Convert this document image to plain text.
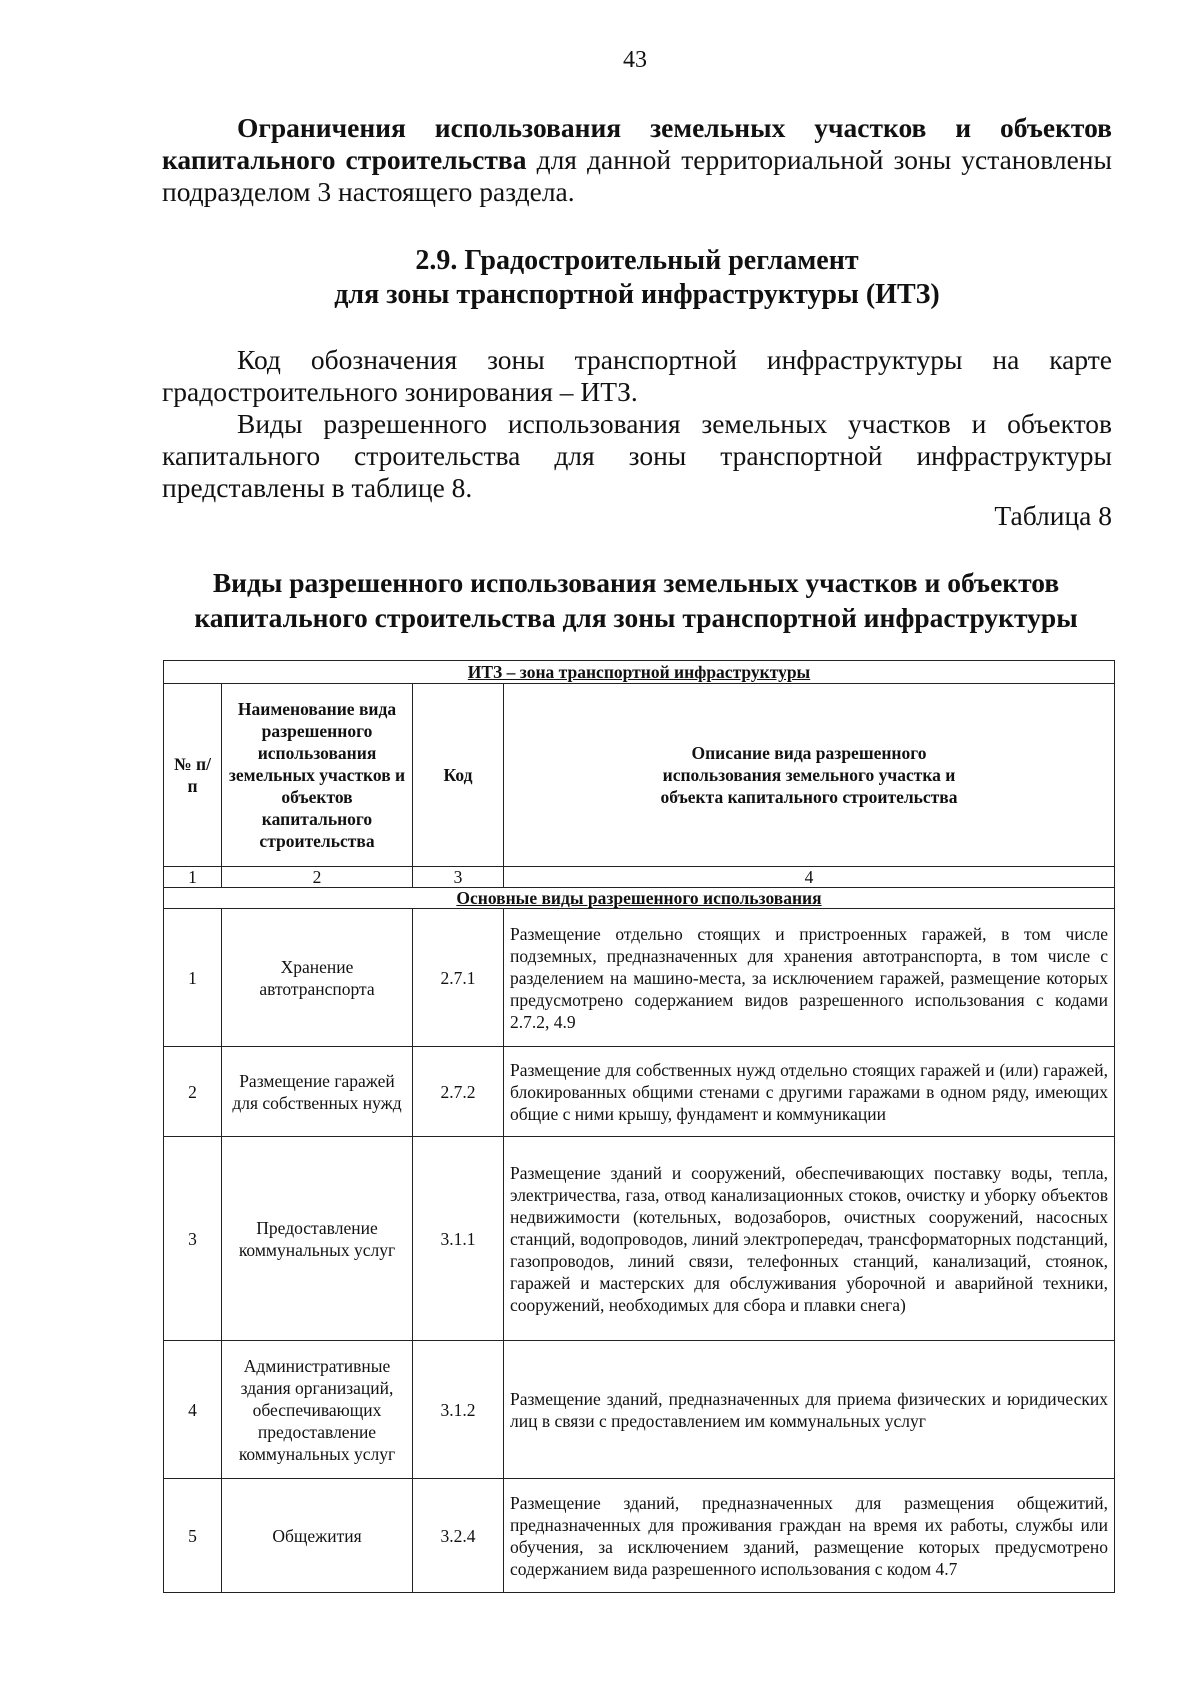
43
Ограничения использования земельных участков и объектов капитального строительства для данной территориальной зоны установлены подразделом 3 настоящего раздела.
2.9. Градостроительный регламент
для зоны транспортной инфраструктуры (ИТЗ)
Код обозначения зоны транспортной инфраструктуры на карте градостроительного зонирования – ИТЗ.
Виды разрешенного использования земельных участков и объектов капитального строительства для зоны транспортной инфраструктуры представлены в таблице 8.
Таблица 8
Виды разрешенного использования земельных участков и объектов
капитального строительства для зоны транспортной инфраструктуры
ИТЗ – зона транспортной инфраструктуры			
№ п/п	Наименование вида разрешенного использования земельных участков и объектов капитального строительства	Код	Описание вида разрешенного использования земельного участка и объекта капитального строительства

1	2	3	4
Основные виды разрешенного использования			
1	Хранение автотранспорта	2.7.1	Размещение отдельно стоящих и пристроенных гаражей, в том числе подземных, предназначенных для хранения автотранспорта, в том числе с разделением на машино-места, за исключением гаражей, размещение которых предусмотрено содержанием видов разрешенного использования с кодами 2.7.2, 4.9
2	Размещение гаражей для собственных нужд	2.7.2	Размещение для собственных нужд отдельно стоящих гаражей и (или) гаражей, блокированных общими стенами с другими гаражами в одном ряду, имеющих общие с ними крышу, фундамент и коммуникации
3	Предоставление коммунальных услуг	3.1.1	Размещение зданий и сооружений, обеспечивающих поставку воды, тепла, электричества, газа, отвод канализационных стоков, очистку и уборку объектов недвижимости (котельных, водозаборов, очистных сооружений, насосных станций, водопроводов, линий электропередач, трансформаторных подстанций, газопроводов, линий связи, телефонных станций, канализаций, стоянок, гаражей и мастерских для обслуживания уборочной и аварийной техники, сооружений, необходимых для сбора и плавки снега)
4	Административные здания организаций, обеспечивающих предоставление коммунальных услуг	3.1.2	Размещение зданий, предназначенных для приема физических и юридических лиц в связи с предоставлением им коммунальных услуг
5	Общежития	3.2.4	Размещение зданий, предназначенных для размещения общежитий, предназначенных для проживания граждан на время их работы, службы или обучения, за исключением зданий, размещение которых предусмотрено содержанием вида разрешенного использования с кодом 4.7
